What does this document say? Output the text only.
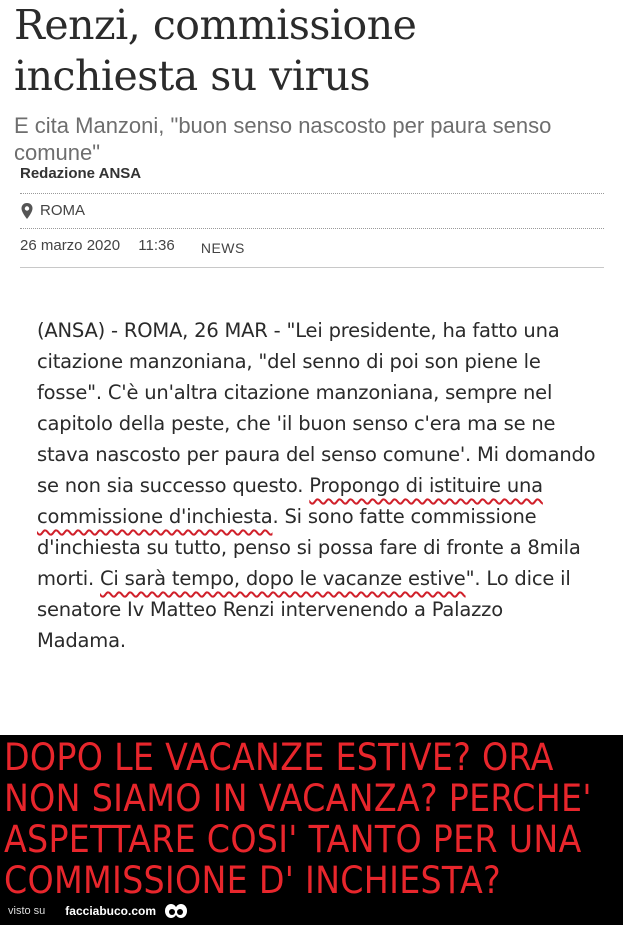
Renzi, commissione
inchiesta su virus

E cita Manzoni, "buon senso nascosto per paura senso comune"

Redazione ANSA
ROMA
26 marzo 2020 11:36 NEWS

(ANSA) - ROMA, 26 MAR - "Lei presidente, ha fatto una citazione manzoniana, "del senno di poi son piene le fosse". C'è un'altra citazione manzoniana, sempre nel capitolo della peste, che 'il buon senso c'era ma se ne stava nascosto per paura del senso comune'. Mi domando se non sia successo questo. Propongo di istituire una commissione d'inchiesta. Si sono fatte commissione d'inchiesta su tutto, penso si possa fare di fronte a 8mila morti. Ci sarà tempo, dopo le vacanze estive". Lo dice il senatore Iv Matteo Renzi intervenendo a Palazzo Madama.

DOPO LE VACANZE ESTIVE? ORA
NON SIAMO IN VACANZA? PERCHE'
ASPETTARE COSI' TANTO PER UNA
COMMISSIONE D' INCHIESTA?

visto su facciabuco.com
